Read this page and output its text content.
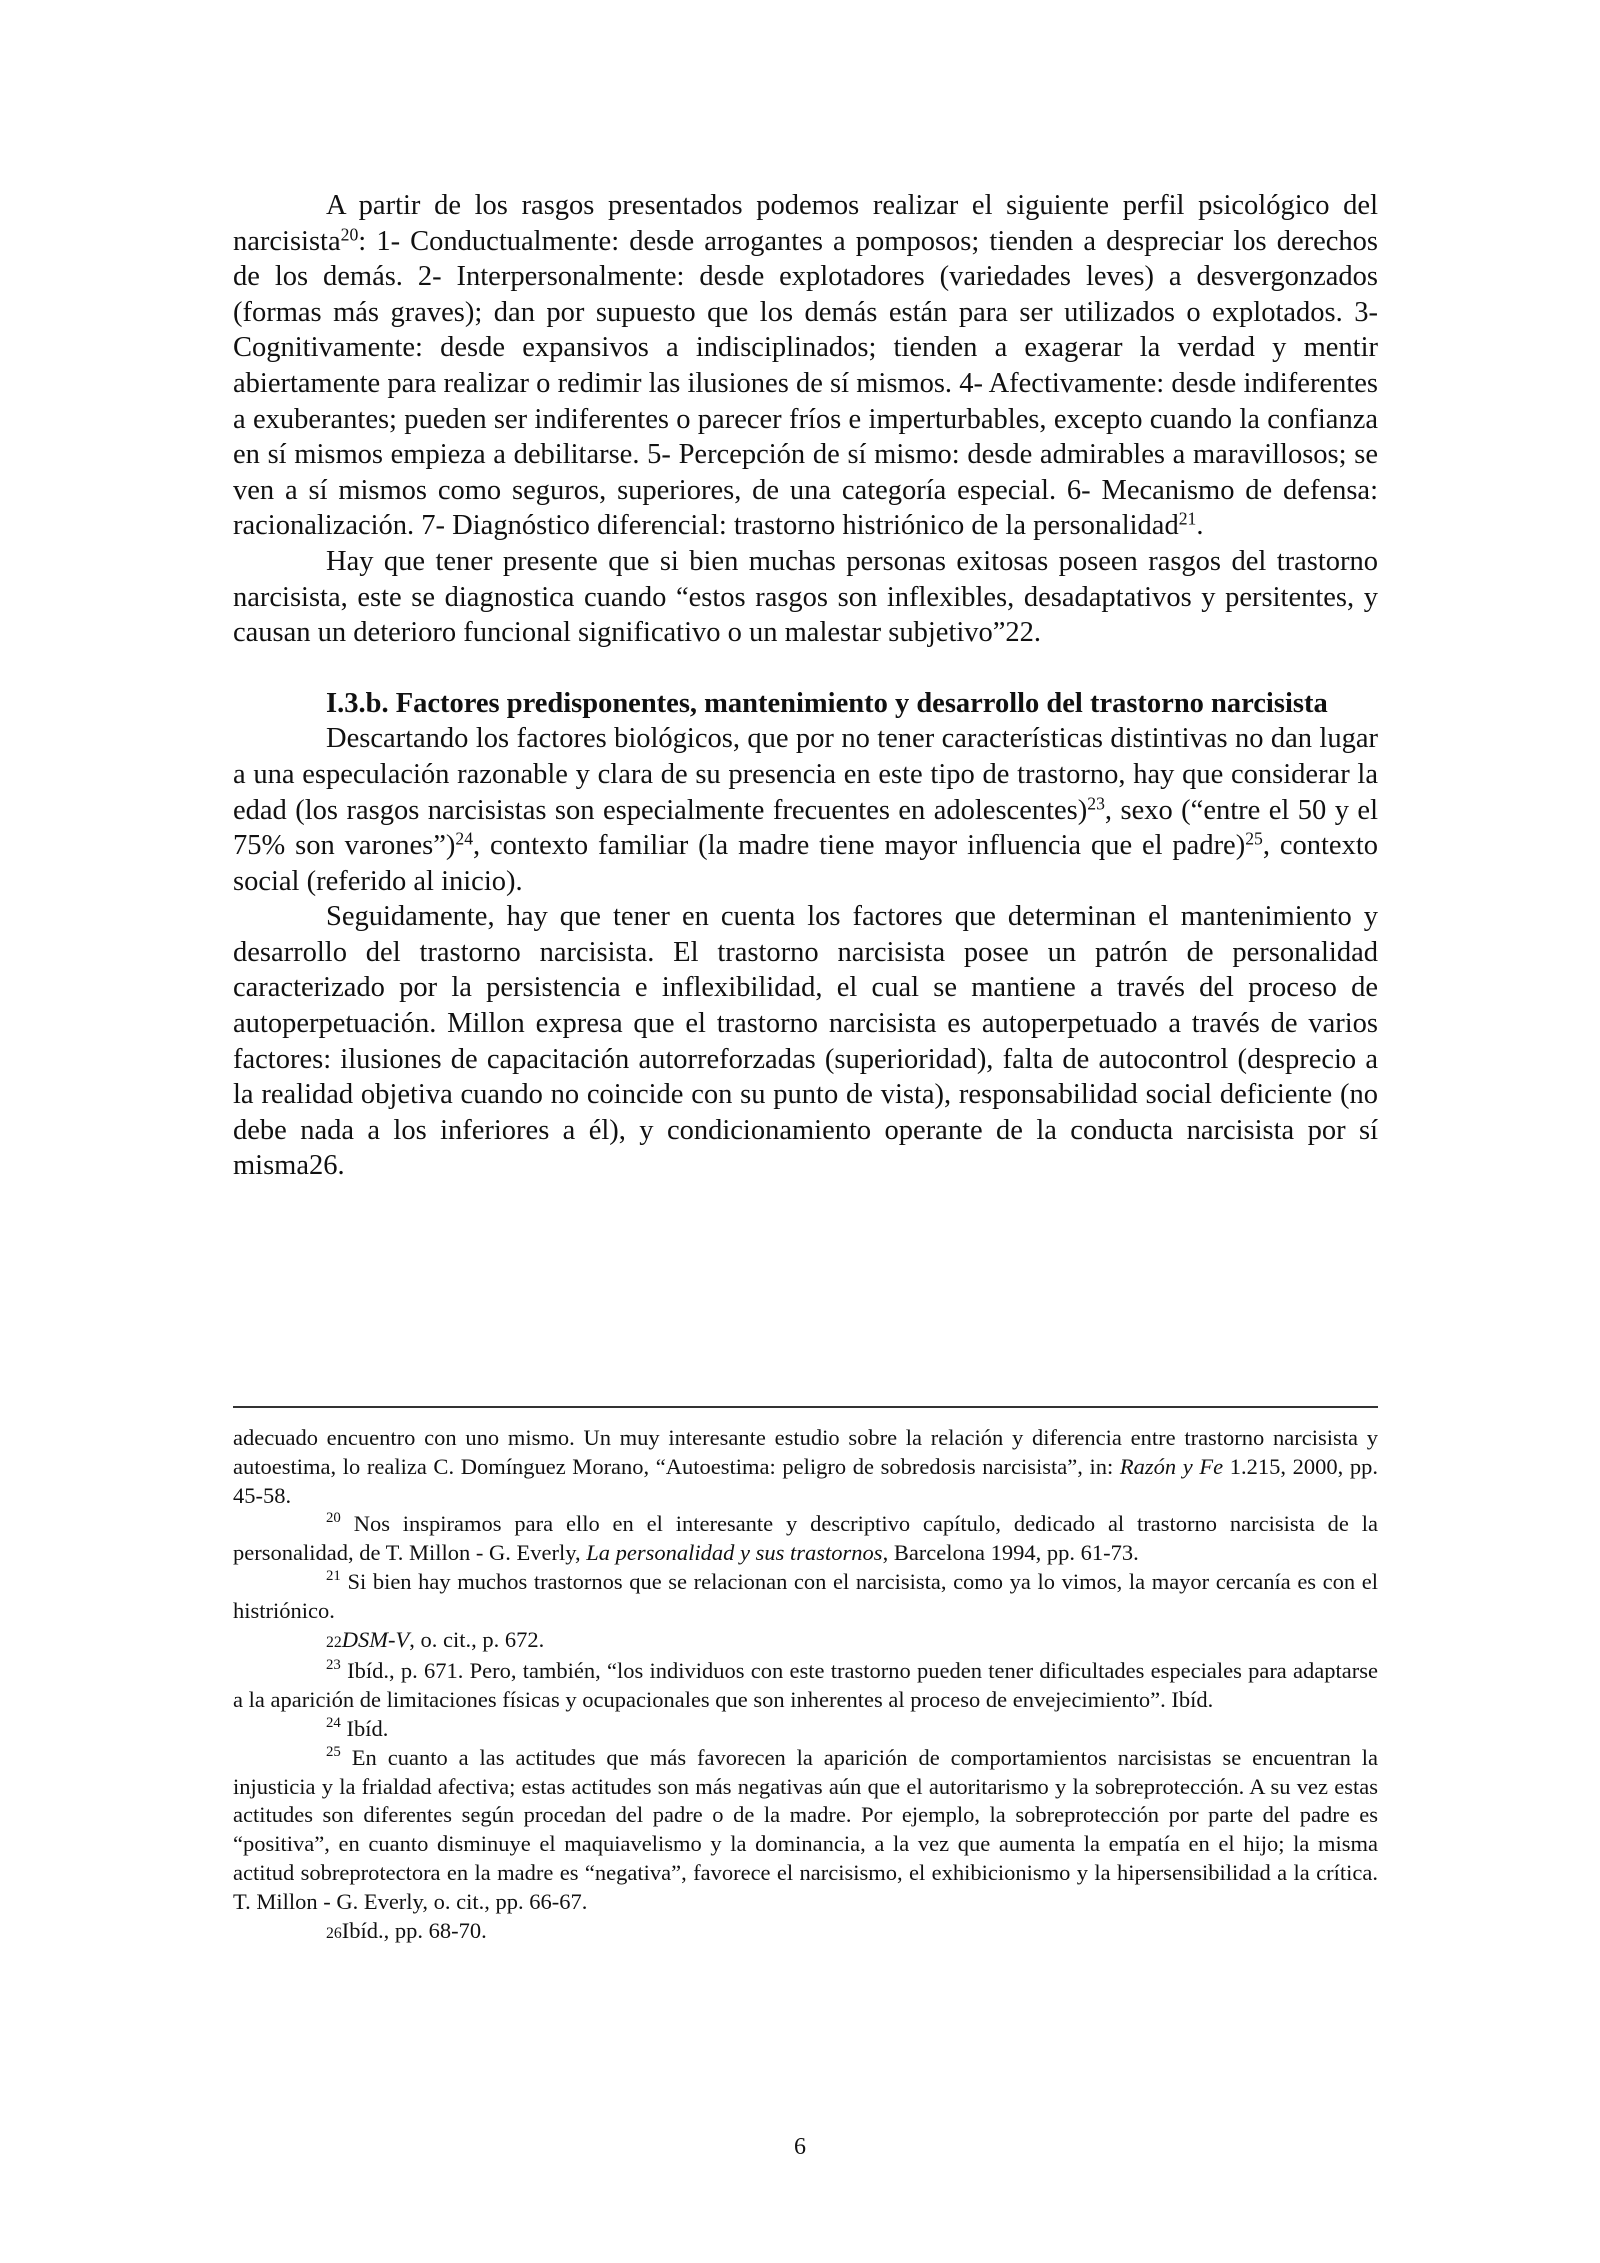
A partir de los rasgos presentados podemos realizar el siguiente perfil psicológico del narcisista$^{20}$: 1- Conductualmente: desde arrogantes a pomposos; tienden a despreciar los derechos de los demás. 2- Interpersonalmente: desde explotadores (variedades leves) a desvergonzados (formas más graves); dan por supuesto que los demás están para ser utilizados o explotados. 3- Cognitivamente: desde expansivos a indisciplinados; tienden a exagerar la verdad y mentir abiertamente para realizar o redimir las ilusiones de sí mismos. 4- Afectivamente: desde indiferentes a exuberantes; pueden ser indiferentes o parecer fríos e imperturbables, excepto cuando la confianza en sí mismos empieza a debilitarse. 5- Percepción de sí mismo: desde admirables a maravillosos; se ven a sí mismos como seguros, superiores, de una categoría especial. 6- Mecanismo de defensa: racionalización. 7- Diagnóstico diferencial: trastorno histriónico de la personalidad$^{21}$.

Hay que tener presente que si bien muchas personas exitosas poseen rasgos del trastorno narcisista, este se diagnostica cuando “estos rasgos son inflexibles, desadaptativos y persitentes, y causan un deterioro funcional significativo o un malestar subjetivo”22.

I.3.b. Factores predisponentes, mantenimiento y desarrollo del trastorno narcisista

Descartando los factores biológicos, que por no tener características distintivas no dan lugar a una especulación razonable y clara de su presencia en este tipo de trastorno, hay que considerar la edad (los rasgos narcisistas son especialmente frecuentes en adolescentes)$^{23}$, sexo (“entre el 50 y el 75% son varones”)$^{24}$, contexto familiar (la madre tiene mayor influencia que el padre)$^{25}$, contexto social (referido al inicio).

Seguidamente, hay que tener en cuenta los factores que determinan el mantenimiento y desarrollo del trastorno narcisista. El trastorno narcisista posee un patrón de personalidad caracterizado por la persistencia e inflexibilidad, el cual se mantiene a través del proceso de autoperpetuación. Millon expresa que el trastorno narcisista es autoperpetuado a través de varios factores: ilusiones de capacitación autorreforzadas (superioridad), falta de autocontrol (desprecio a la realidad objetiva cuando no coincide con su punto de vista), responsabilidad social deficiente (no debe nada a los inferiores a él), y condicionamiento operante de la conducta narcisista por sí misma26.

adecuado encuentro con uno mismo. Un muy interesante estudio sobre la relación y diferencia entre trastorno narcisista y autoestima, lo realiza C. Domínguez Morano, “Autoestima: peligro de sobredosis narcisista”, in: Razón y Fe 1.215, 2000, pp. 45-58.

$^{20}$ Nos inspiramos para ello en el interesante y descriptivo capítulo, dedicado al trastorno narcisista de la personalidad, de T. Millon - G. Everly, La personalidad y sus trastornos, Barcelona 1994, pp. 61-73.

$^{21}$ Si bien hay muchos trastornos que se relacionan con el narcisista, como ya lo vimos, la mayor cercanía es con el histriónico.

22DSM-V, o. cit., p. 672.

$^{23}$ Ibíd., p. 671. Pero, también, “los individuos con este trastorno pueden tener dificultades especiales para adaptarse a la aparición de limitaciones físicas y ocupacionales que son inherentes al proceso de envejecimiento”. Ibíd.

$^{24}$ Ibíd.

$^{25}$ En cuanto a las actitudes que más favorecen la aparición de comportamientos narcisistas se encuentran la injusticia y la frialdad afectiva; estas actitudes son más negativas aún que el autoritarismo y la sobreprotección. A su vez estas actitudes son diferentes según procedan del padre o de la madre. Por ejemplo, la sobreprotección por parte del padre es “positiva”, en cuanto disminuye el maquiavelismo y la dominancia, a la vez que aumenta la empatía en el hijo; la misma actitud sobreprotectora en la madre es “negativa”, favorece el narcisismo, el exhibicionismo y la hipersensibilidad a la crítica. T. Millon - G. Everly, o. cit., pp. 66-67.

26Ibíd., pp. 68-70.

6
